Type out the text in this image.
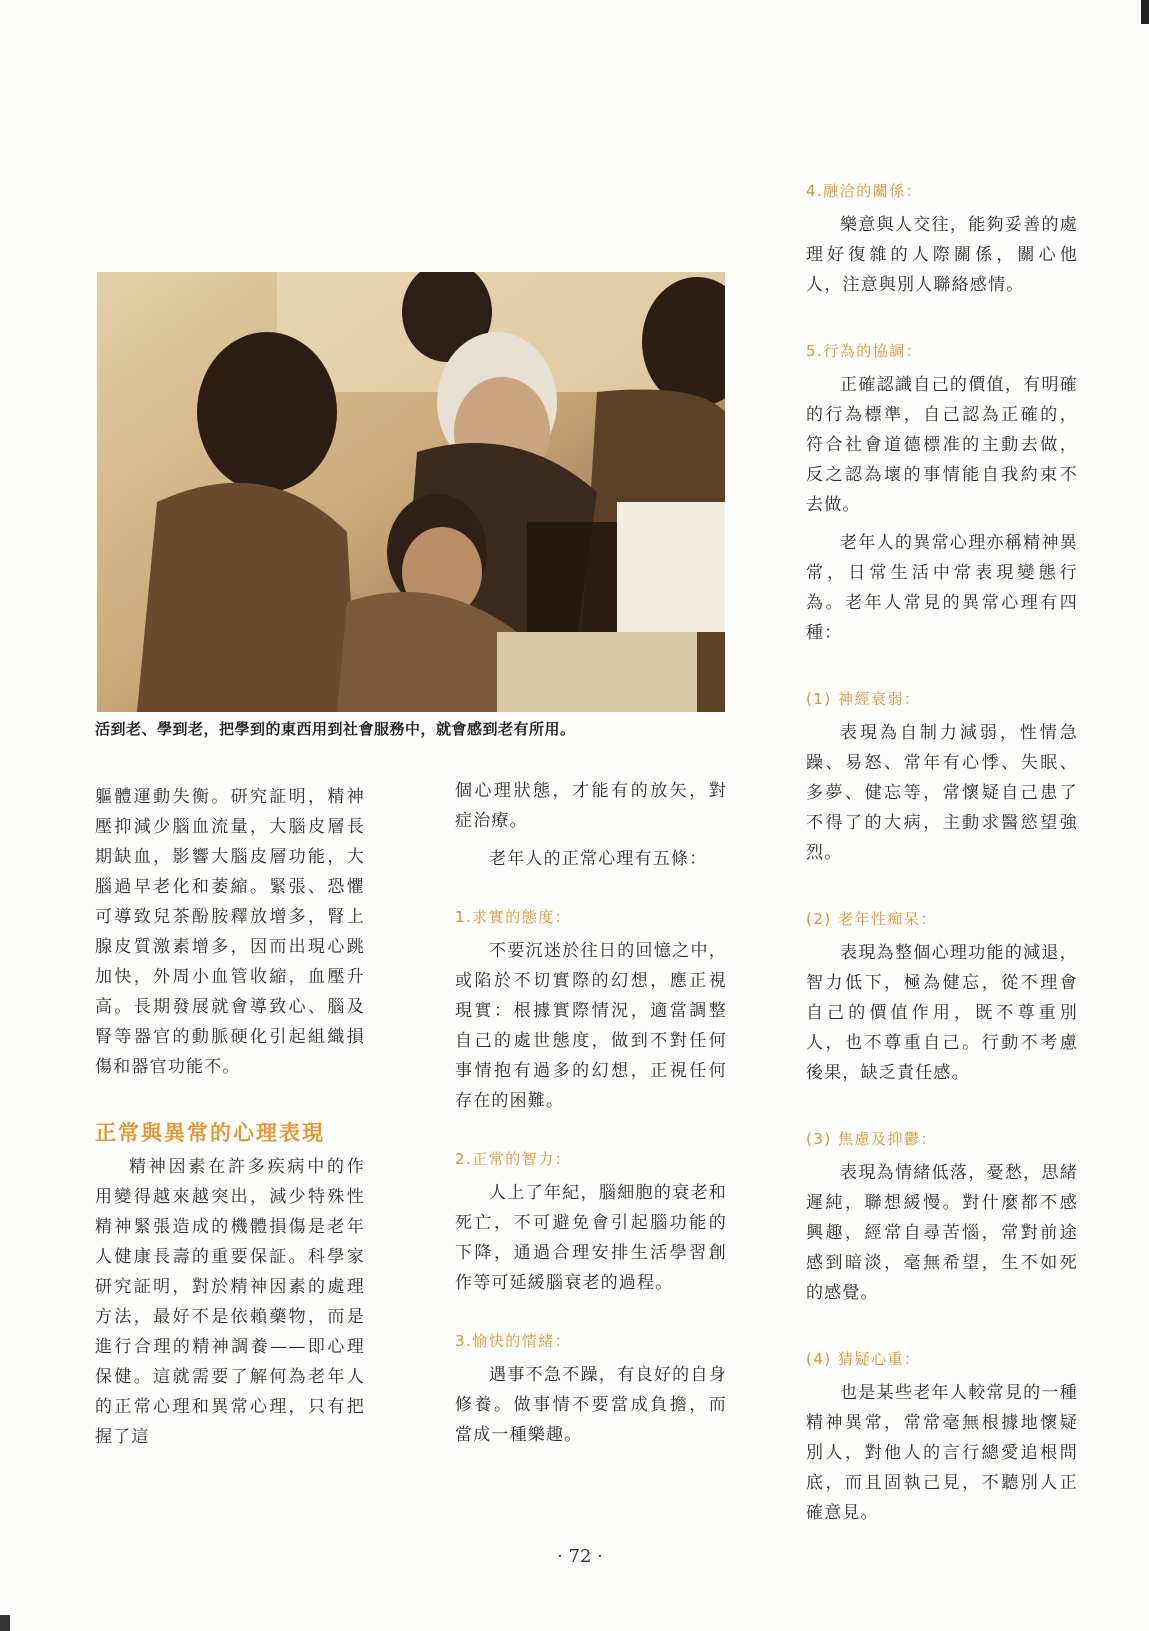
活到老、學到老，把學到的東西用到社會服務中，就會感到老有所用。

軀體運動失衡。研究証明，精神壓抑減少腦血流量，大腦皮層長期缺血，影響大腦皮層功能，大腦過早老化和萎縮。緊張、恐懼可導致兒茶酚胺釋放增多，腎上腺皮質激素增多，因而出現心跳加快，外周小血管收縮，血壓升高。長期發展就會導致心、腦及腎等器官的動脈硬化引起組織損傷和器官功能不。

正常與異常的心理表現

精神因素在許多疾病中的作用變得越來越突出，減少特殊性精神緊張造成的機體損傷是老年人健康長壽的重要保証。科學家研究証明，對於精神因素的處理方法，最好不是依賴藥物，而是進行合理的精神調養——即心理保健。這就需要了解何為老年人的正常心理和異常心理，只有把握了這

個心理狀態，才能有的放矢，對症治療。

老年人的正常心理有五條：

1.求實的態度：

不要沉迷於往日的回憶之中，或陷於不切實際的幻想，應正視現實：根據實際情況，適當調整自己的處世態度，做到不對任何事情抱有過多的幻想，正視任何存在的困難。

2.正常的智力：

人上了年紀，腦細胞的衰老和死亡，不可避免會引起腦功能的下降，通過合理安排生活學習創作等可延緩腦衰老的過程。

3.愉快的情緒：

遇事不急不躁，有良好的自身修養。做事情不要當成負擔，而當成一種樂趣。

4.融洽的關係：

樂意與人交往，能夠妥善的處理好復雜的人際關係，關心他人，注意與別人聯絡感情。

5.行為的協調：

正確認識自己的價值，有明確的行為標準，自己認為正確的，符合社會道德標准的主動去做，反之認為壞的事情能自我約束不去做。

老年人的異常心理亦稱精神異常，日常生活中常表現變態行為。老年人常見的異常心理有四種：

(1) 神經衰弱：

表現為自制力減弱，性情急躁、易怒、常年有心悸、失眠、多夢、健忘等，常懷疑自己患了不得了的大病，主動求醫慾望強烈。

(2) 老年性痴呆：

表現為整個心理功能的減退，智力低下，極為健忘，從不理會自己的價值作用，既不尊重別人，也不尊重自己。行動不考慮後果，缺乏責任感。

(3) 焦慮及抑鬱：

表現為情緒低落，憂愁，思緒遲純，聯想緩慢。對什麼都不感興趣，經常自尋苦惱，常對前途感到暗淡，毫無希望，生不如死的感覺。

(4) 猜疑心重：

也是某些老年人較常見的一種精神異常，常常毫無根據地懷疑別人，對他人的言行總愛追根問底，而且固執己見，不聽別人正確意見。

· 72 ·
